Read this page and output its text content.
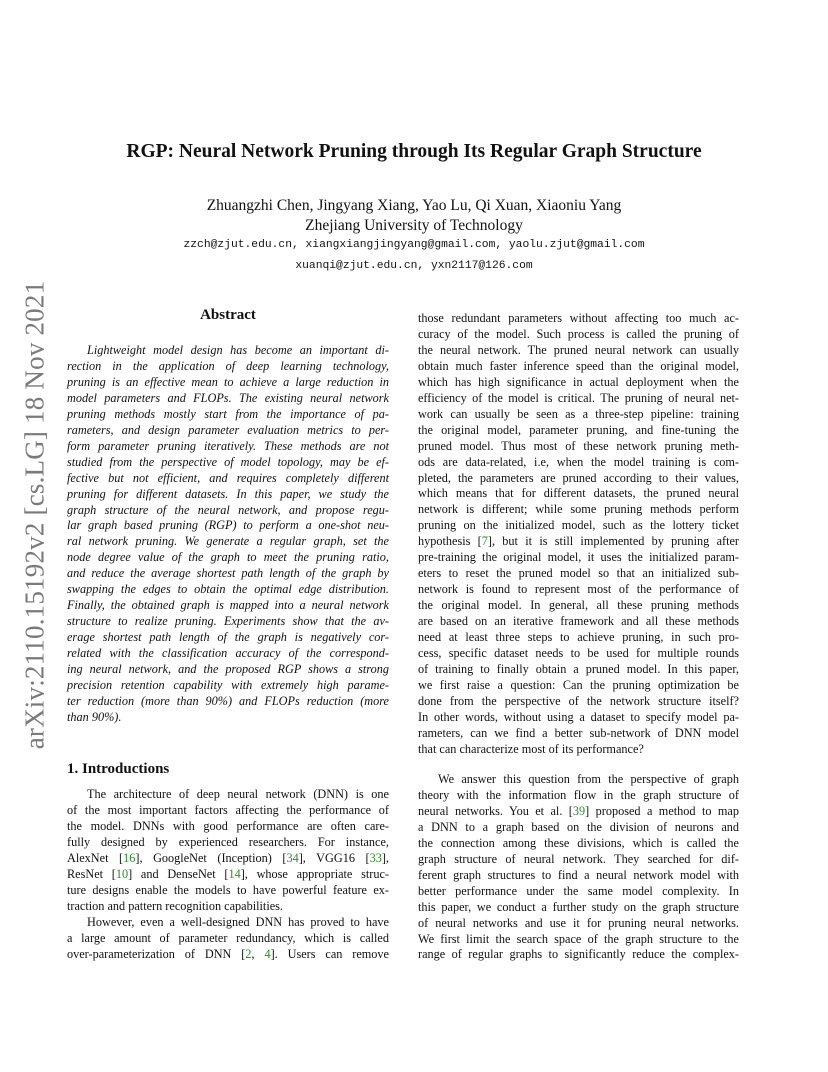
arXiv:2110.15192v2 [cs.LG] 18 Nov 2021
RGP: Neural Network Pruning through Its Regular Graph Structure
Zhuangzhi Chen, Jingyang Xiang, Yao Lu, Qi Xuan, Xiaoniu Yang
Zhejiang University of Technology
zzch@zjut.edu.cn, xiangxiangjingyang@gmail.com, yaolu.zjut@gmail.com
xuanqi@zjut.edu.cn, yxn2117@126.com
Abstract
Lightweight model design has become an important di-
rection in the application of deep learning technology,
pruning is an effective mean to achieve a large reduction in
model parameters and FLOPs. The existing neural network
pruning methods mostly start from the importance of pa-
rameters, and design parameter evaluation metrics to per-
form parameter pruning iteratively. These methods are not
studied from the perspective of model topology, may be ef-
fective but not efficient, and requires completely different
pruning for different datasets. In this paper, we study the
graph structure of the neural network, and propose regu-
lar graph based pruning (RGP) to perform a one-shot neu-
ral network pruning. We generate a regular graph, set the
node degree value of the graph to meet the pruning ratio,
and reduce the average shortest path length of the graph by
swapping the edges to obtain the optimal edge distribution.
Finally, the obtained graph is mapped into a neural network
structure to realize pruning. Experiments show that the av-
erage shortest path length of the graph is negatively cor-
related with the classification accuracy of the correspond-
ing neural network, and the proposed RGP shows a strong
precision retention capability with extremely high parame-
ter reduction (more than 90%) and FLOPs reduction (more
than 90%).
1. Introductions
The architecture of deep neural network (DNN) is one
of the most important factors affecting the performance of
the model. DNNs with good performance are often care-
fully designed by experienced researchers. For instance,
AlexNet [16], GoogleNet (Inception) [34], VGG16 [33],
ResNet [10] and DenseNet [14], whose appropriate struc-
ture designs enable the models to have powerful feature ex-
traction and pattern recognition capabilities.
However, even a well-designed DNN has proved to have
a large amount of parameter redundancy, which is called
over-parameterization of DNN [2, 4]. Users can remove
those redundant parameters without affecting too much ac-
curacy of the model. Such process is called the pruning of
the neural network. The pruned neural network can usually
obtain much faster inference speed than the original model,
which has high significance in actual deployment when the
efficiency of the model is critical. The pruning of neural net-
work can usually be seen as a three-step pipeline: training
the original model, parameter pruning, and fine-tuning the
pruned model. Thus most of these network pruning meth-
ods are data-related, i.e, when the model training is com-
pleted, the parameters are pruned according to their values,
which means that for different datasets, the pruned neural
network is different; while some pruning methods perform
pruning on the initialized model, such as the lottery ticket
hypothesis [7], but it is still implemented by pruning after
pre-training the original model, it uses the initialized param-
eters to reset the pruned model so that an initialized sub-
network is found to represent most of the performance of
the original model. In general, all these pruning methods
are based on an iterative framework and all these methods
need at least three steps to achieve pruning, in such pro-
cess, specific dataset needs to be used for multiple rounds
of training to finally obtain a pruned model. In this paper,
we first raise a question: Can the pruning optimization be
done from the perspective of the network structure itself?
In other words, without using a dataset to specify model pa-
rameters, can we find a better sub-network of DNN model
that can characterize most of its performance?
We answer this question from the perspective of graph
theory with the information flow in the graph structure of
neural networks. You et al. [39] proposed a method to map
a DNN to a graph based on the division of neurons and
the connection among these divisions, which is called the
graph structure of neural network. They searched for dif-
ferent graph structures to find a neural network model with
better performance under the same model complexity. In
this paper, we conduct a further study on the graph structure
of neural networks and use it for pruning neural networks.
We first limit the search space of the graph structure to the
range of regular graphs to significantly reduce the complex-
